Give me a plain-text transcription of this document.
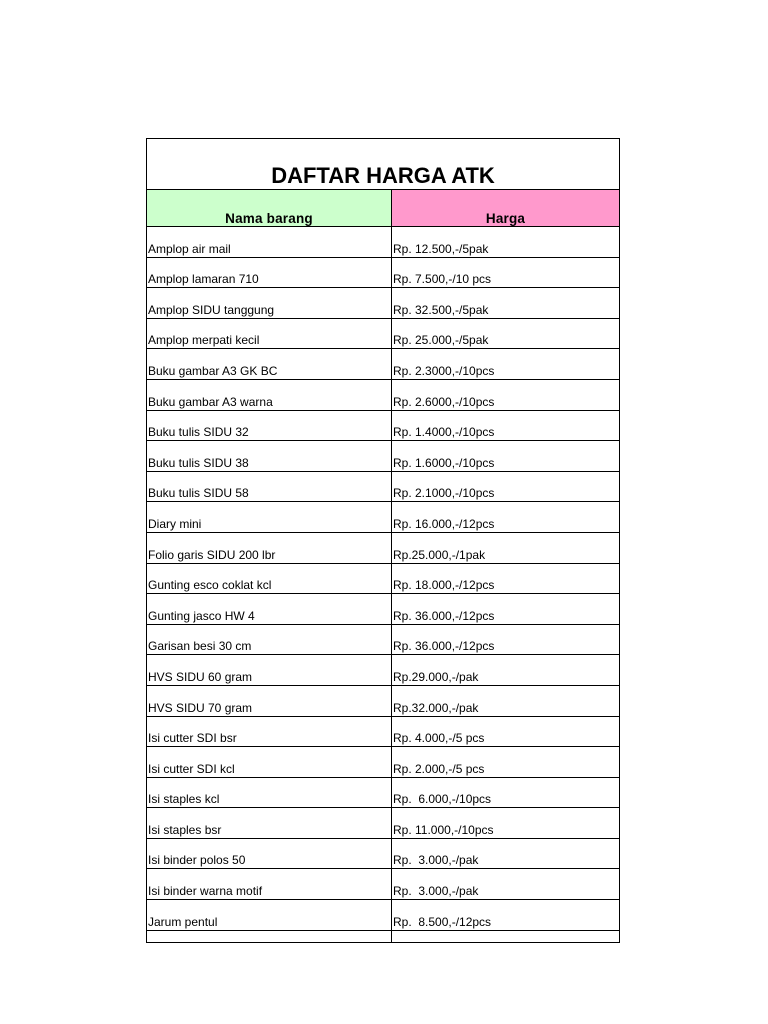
DAFTAR HARGA ATK	
Nama barang	Harga
Amplop air mail	Rp. 12.500,-/5pak
Amplop lamaran 710	Rp. 7.500,-/10 pcs
Amplop SIDU tanggung	Rp. 32.500,-/5pak
Amplop merpati kecil	Rp. 25.000,-/5pak
Buku gambar A3 GK BC	Rp. 2.3000,-/10pcs
Buku gambar A3 warna	Rp. 2.6000,-/10pcs
Buku tulis SIDU 32	Rp. 1.4000,-/10pcs
Buku tulis SIDU 38	Rp. 1.6000,-/10pcs
Buku tulis SIDU 58	Rp. 2.1000,-/10pcs
Diary mini	Rp. 16.000,-/12pcs
Folio garis SIDU 200 lbr	Rp.25.000,-/1pak
Gunting esco coklat kcl	Rp. 18.000,-/12pcs
Gunting jasco HW 4	Rp. 36.000,-/12pcs
Garisan besi 30 cm	Rp. 36.000,-/12pcs
HVS SIDU 60 gram	Rp.29.000,-/pak
HVS SIDU 70 gram	Rp.32.000,-/pak
Isi cutter SDI bsr	Rp. 4.000,-/5 pcs
Isi cutter SDI kcl	Rp. 2.000,-/5 pcs
Isi staples kcl	Rp.  6.000,-/10pcs
Isi staples bsr	Rp. 11.000,-/10pcs
Isi binder polos 50	Rp.  3.000,-/pak
Isi binder warna motif	Rp.  3.000,-/pak
Jarum pentul	Rp.  8.500,-/12pcs
